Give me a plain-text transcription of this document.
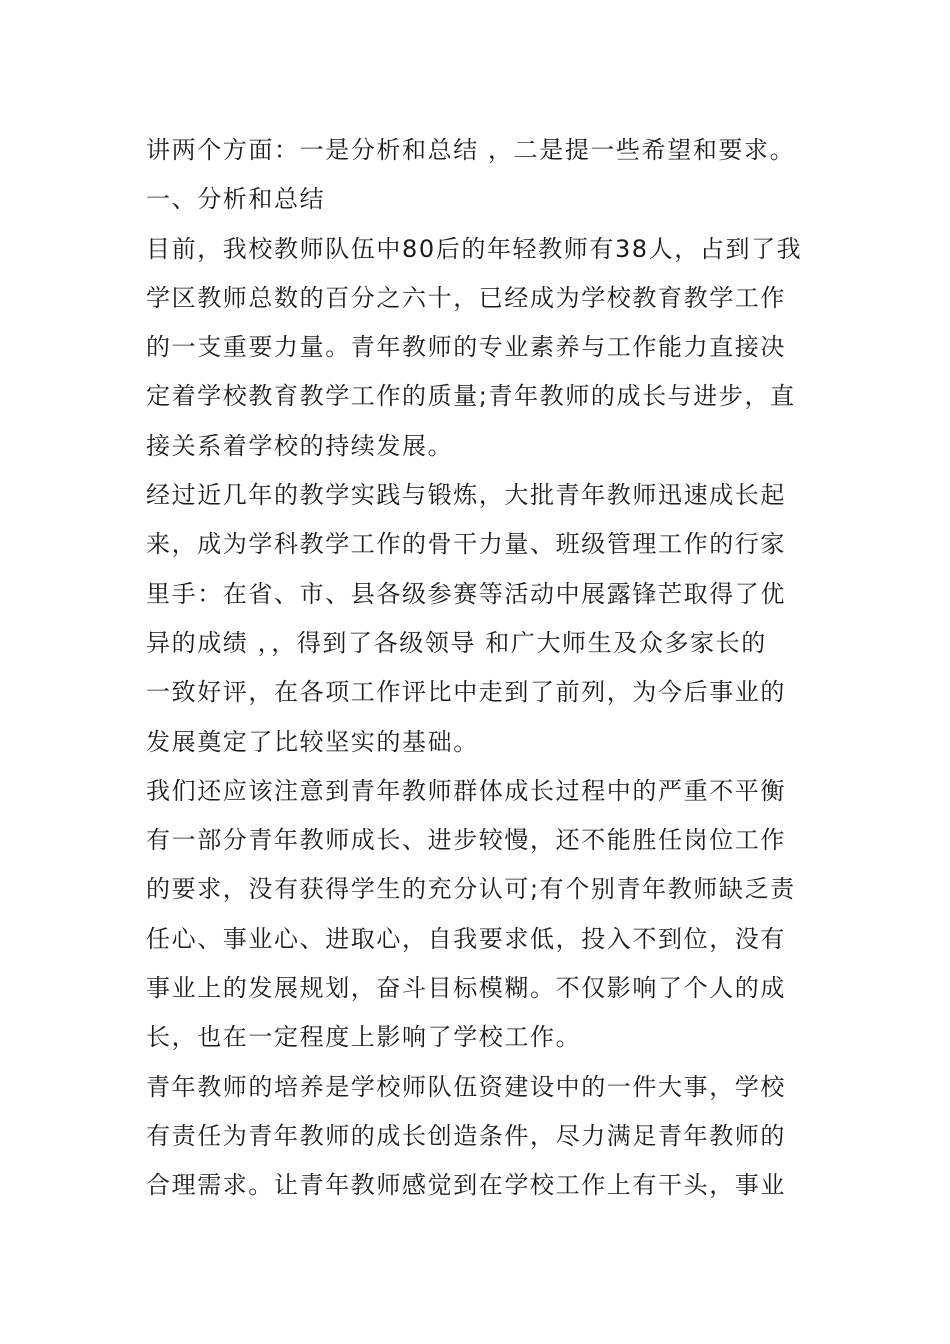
讲两个方面：一是分析和总结 ，二是提一些希望和要求。
一、分析和总结
目前，我校教师队伍中80后的年轻教师有38人，占到了我
学区教师总数的百分之六十，已经成为学校教育教学工作
的一支重要力量。青年教师的专业素养与工作能力直接决
定着学校教育教学工作的质量;青年教师的成长与进步，直
接关系着学校的持续发展。
经过近几年的教学实践与锻炼，大批青年教师迅速成长起
来，成为学科教学工作的骨干力量、班级管理工作的行家
里手：在省、市、县各级参赛等活动中展露锋芒取得了优
异的成绩 ，，得到了各级领导 和广大师生及众多家长的
一致好评，在各项工作评比中走到了前列，为今后事业的
发展奠定了比较坚实的基础。
我们还应该注意到青年教师群体成长过程中的严重不平衡
有一部分青年教师成长、进步较慢，还不能胜任岗位工作
的要求，没有获得学生的充分认可;有个别青年教师缺乏责
任心、事业心、进取心，自我要求低，投入不到位，没有
事业上的发展规划，奋斗目标模糊。不仅影响了个人的成
长，也在一定程度上影响了学校工作。
青年教师的培养是学校师队伍资建设中的一件大事，学校
有责任为青年教师的成长创造条件，尽力满足青年教师的
合理需求。让青年教师感觉到在学校工作上有干头，事业
